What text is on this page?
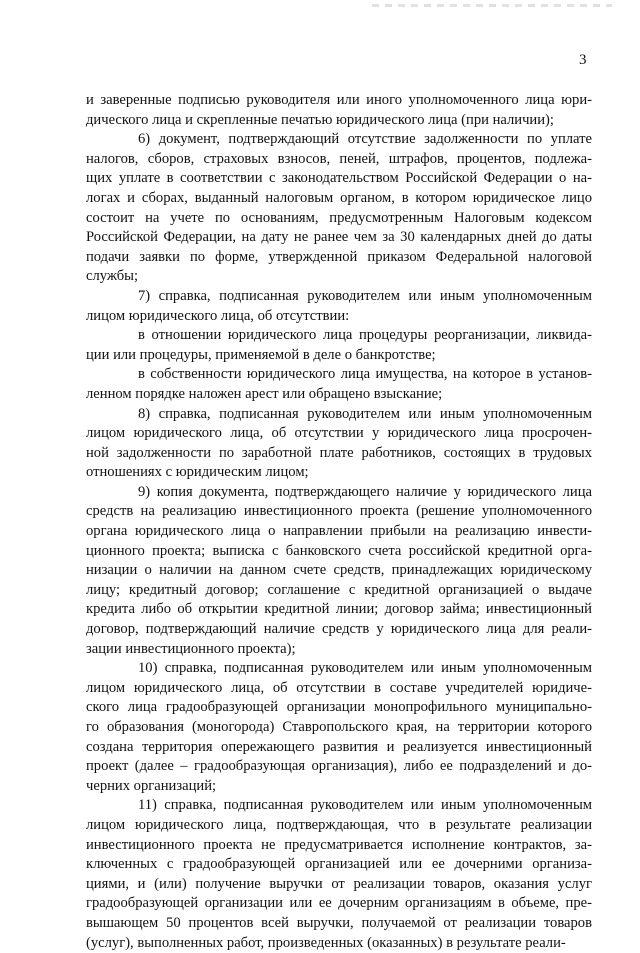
3
и заверенные подписью руководителя или иного уполномоченного лица юри-
дического лица и скрепленные печатью юридического лица (при наличии);
6) документ, подтверждающий отсутствие задолженности по уплате
налогов, сборов, страховых взносов, пеней, штрафов, процентов, подлежа-
щих уплате в соответствии с законодательством Российской Федерации о на-
логах и сборах, выданный налоговым органом, в котором юридическое лицо
состоит на учете по основаниям, предусмотренным Налоговым кодексом
Российской Федерации, на дату не ранее чем за 30 календарных дней до даты
подачи заявки по форме, утвержденной приказом Федеральной налоговой
службы;
7) справка, подписанная руководителем или иным уполномоченным
лицом юридического лица, об отсутствии:
в отношении юридического лица процедуры реорганизации, ликвида-
ции или процедуры, применяемой в деле о банкротстве;
в собственности юридического лица имущества, на которое в установ-
ленном порядке наложен арест или обращено взыскание;
8) справка, подписанная руководителем или иным уполномоченным
лицом юридического лица, об отсутствии у юридического лица просрочен-
ной задолженности по заработной плате работников, состоящих в трудовых
отношениях с юридическим лицом;
9) копия документа, подтверждающего наличие у юридического лица
средств на реализацию инвестиционного проекта (решение уполномоченного
органа юридического лица о направлении прибыли на реализацию инвести-
ционного проекта; выписка с банковского счета российской кредитной орга-
низации о наличии на данном счете средств, принадлежащих юридическому
лицу; кредитный договор; соглашение с кредитной организацией о выдаче
кредита либо об открытии кредитной линии; договор займа; инвестиционный
договор, подтверждающий наличие средств у юридического лица для реали-
зации инвестиционного проекта);
10) справка, подписанная руководителем или иным уполномоченным
лицом юридического лица, об отсутствии в составе учредителей юридиче-
ского лица градообразующей организации монопрофильного муниципально-
го образования (моногорода) Ставропольского края, на территории которого
создана территория опережающего развития и реализуется инвестиционный
проект (далее – градообразующая организация), либо ее подразделений и до-
черних организаций;
11) справка, подписанная руководителем или иным уполномоченным
лицом юридического лица, подтверждающая, что в результате реализации
инвестиционного проекта не предусматривается исполнение контрактов, за-
ключенных с градообразующей организацией или ее дочерними организа-
циями, и (или) получение выручки от реализации товаров, оказания услуг
градообразующей организации или ее дочерним организациям в объеме, пре-
вышающем 50 процентов всей выручки, получаемой от реализации товаров
(услуг), выполненных работ, произведенных (оказанных) в результате реали-
